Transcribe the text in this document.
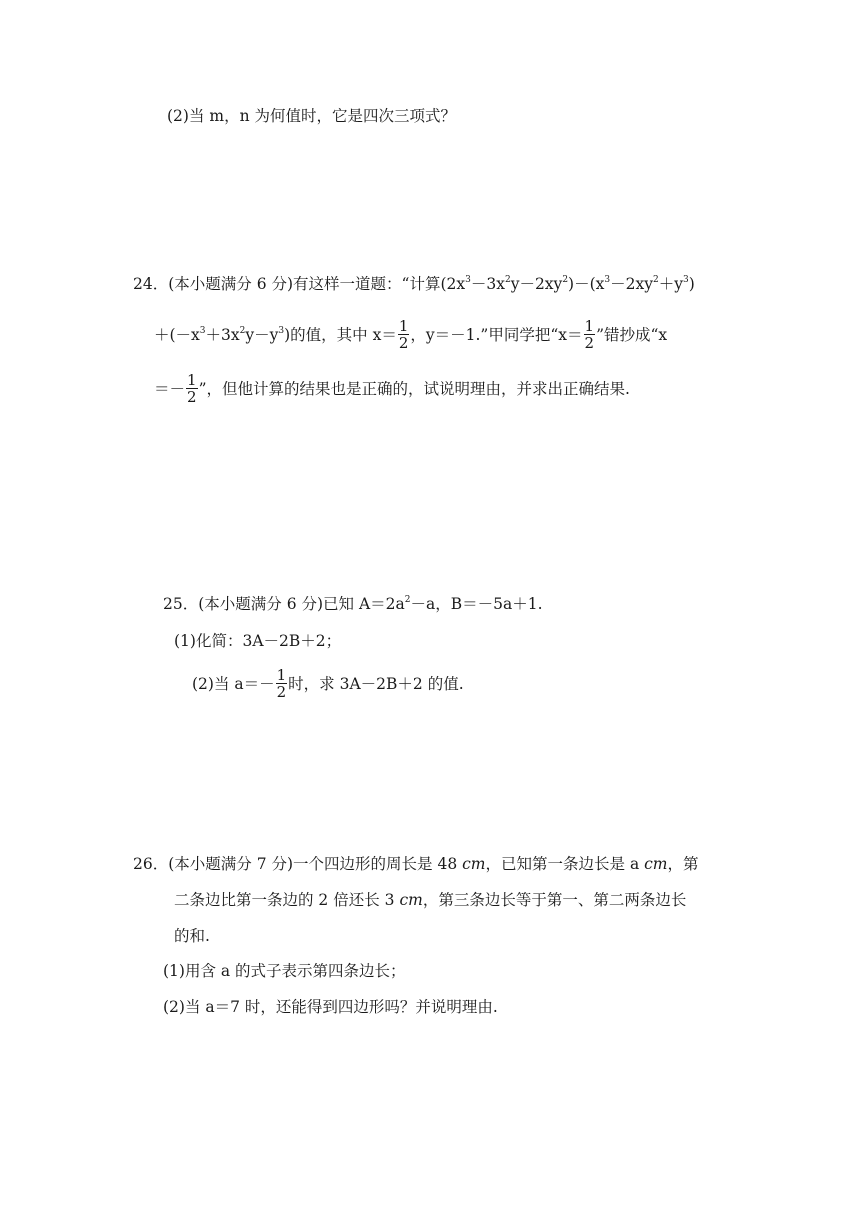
(2)当 m，n 为何值时，它是四次三项式？
24．(本小题满分 6 分)有这样一道题：“计算$(2x^3-3x^2y-2xy^2)-(x^3-2xy^2+y^3)$
$+(-x^3+3x^2y-y^3)$的值，其中 $x= \frac{1}{2}$ ，y＝－1.”甲同学把“$x= \frac{1}{2}$ ”错抄成“x
＝－ $\frac{1}{2}$ ”，但他计算的结果也是正确的，试说明理由，并求出正确结果.
25．(本小题满分 6 分)已知 $A=2a^2-a$，B＝－5a＋1.
(1)化简：3A－2B＋2；
(2)当 $a=- \frac{1}{2}$ 时，求 3A－2B＋2 的值.
26．(本小题满分 7 分)一个四边形的周长是 48 cm，已知第一条边长是 a cm，第
二条边比第一条边的 2 倍还长 3 cm，第三条边长等于第一、第二两条边长
的和.
(1)用含 a 的式子表示第四条边长；
(2)当 a＝7 时，还能得到四边形吗？并说明理由.
